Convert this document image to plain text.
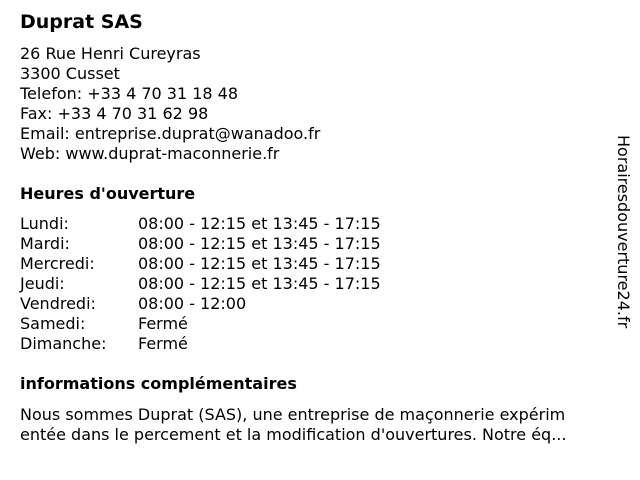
Duprat SAS
26 Rue Henri Cureyras
3300 Cusset
Telefon: +33 4 70 31 18 48
Fax: +33 4 70 31 62 98
Email: entreprise.duprat@wanadoo.fr
Web: www.duprat-maconnerie.fr
Heures d'ouverture
Lundi:	08:00 - 12:15 et 13:45 - 17:15
Mardi:	08:00 - 12:15 et 13:45 - 17:15
Mercredi:	08:00 - 12:15 et 13:45 - 17:15
Jeudi:	08:00 - 12:15 et 13:45 - 17:15
Vendredi:	08:00 - 12:00
Samedi:	Fermé
Dimanche: Fermé
informations complémentaires
Nous sommes Duprat (SAS), une entreprise de maçonnerie expérim
entée dans le percement et la modification d'ouvertures. Notre éq...
Horairesdouverture24.fr
